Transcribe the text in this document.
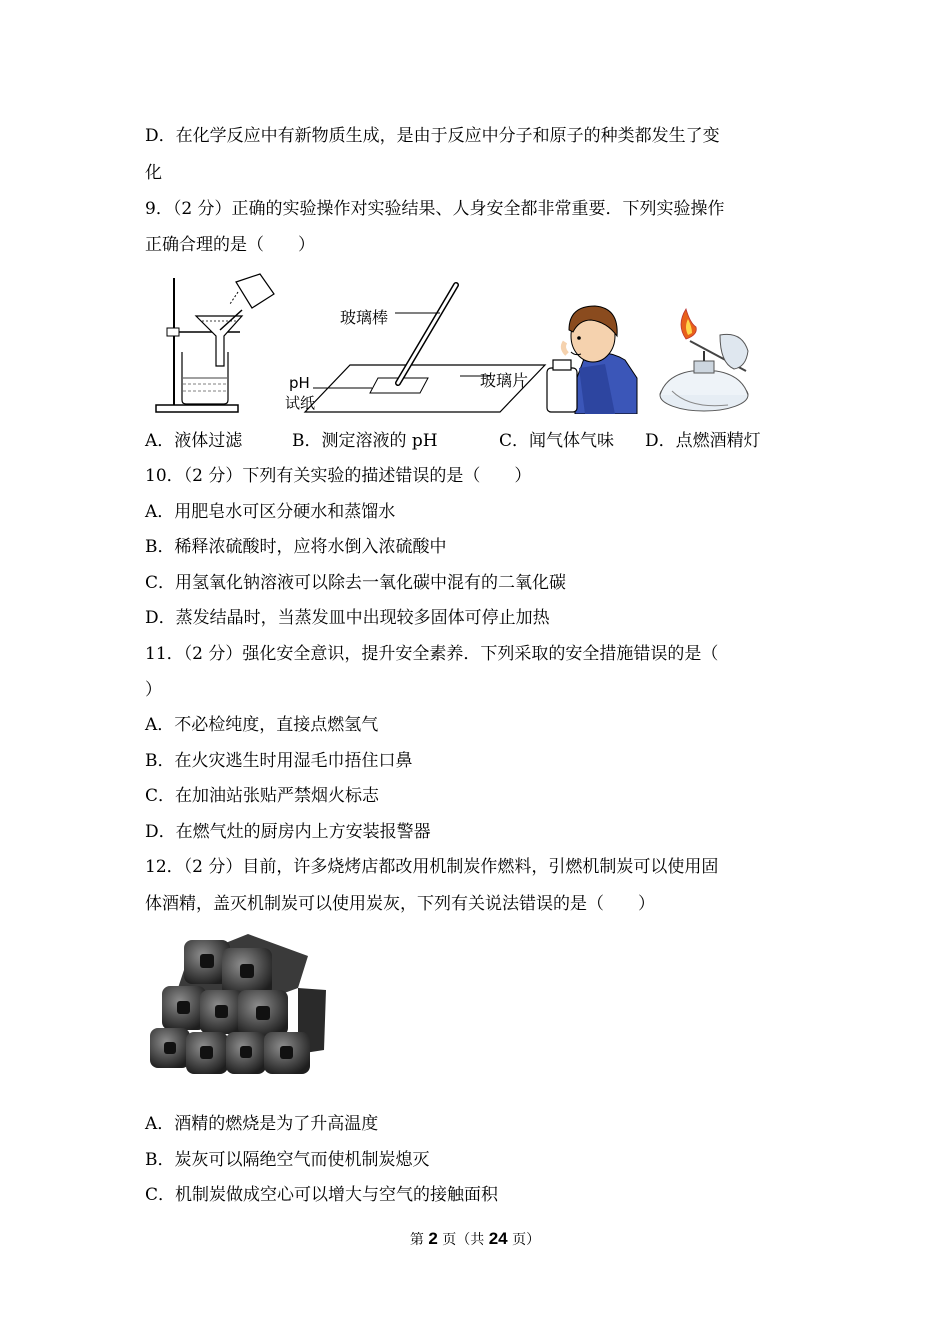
D．在化学反应中有新物质生成，是由于反应中分子和原子的种类都发生了变
化
9．（2 分）正确的实验操作对实验结果、人身安全都非常重要．下列实验操作
正确合理的是（　　）
玻璃棒
玻璃片
pH
试纸
A．液体过滤	B．测定溶液的 pH	C．闻气体气味 D．点燃酒精灯
10．（2 分）下列有关实验的描述错误的是（　　）
A．用肥皂水可区分硬水和蒸馏水
B．稀释浓硫酸时，应将水倒入浓硫酸中
C．用氢氧化钠溶液可以除去一氧化碳中混有的二氧化碳
D．蒸发结晶时，当蒸发皿中出现较多固体可停止加热
11．（2 分）强化安全意识，提升安全素养．下列采取的安全措施错误的是（
）
A．不必检纯度，直接点燃氢气
B．在火灾逃生时用湿毛巾捂住口鼻
C．在加油站张贴严禁烟火标志
D．在燃气灶的厨房内上方安装报警器
12．（2 分）目前，许多烧烤店都改用机制炭作燃料，引燃机制炭可以使用固
体酒精，盖灭机制炭可以使用炭灰，下列有关说法错误的是（　　）
A．酒精的燃烧是为了升高温度
B．炭灰可以隔绝空气而使机制炭熄灭
C．机制炭做成空心可以增大与空气的接触面积
第 2 页（共 24 页）
